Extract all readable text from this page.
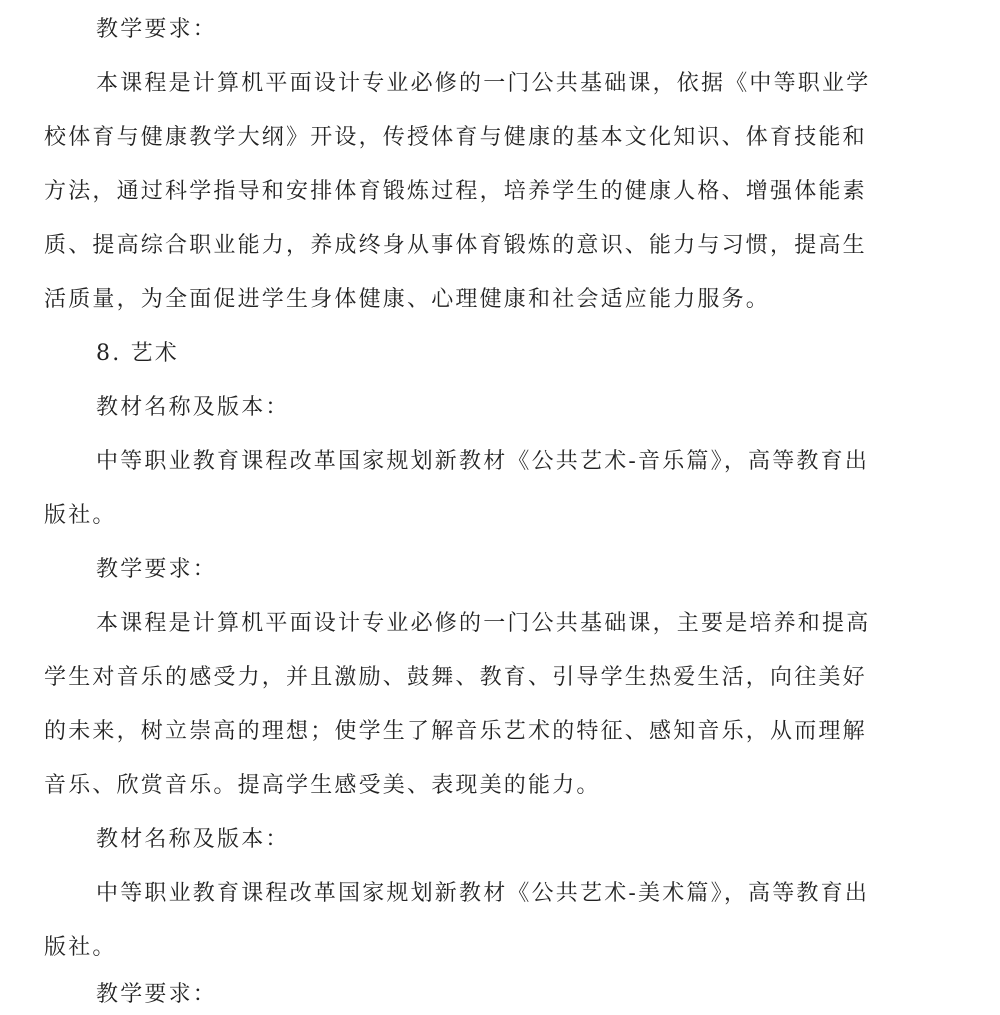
教学要求：
本课程是计算机平面设计专业必修的一门公共基础课，依据《中等职业学
校体育与健康教学大纲》开设，传授体育与健康的基本文化知识、体育技能和
方法，通过科学指导和安排体育锻炼过程，培养学生的健康人格、增强体能素
质、提高综合职业能力，养成终身从事体育锻炼的意识、能力与习惯，提高生
活质量，为全面促进学生身体健康、心理健康和社会适应能力服务。
8. 艺术
教材名称及版本：
中等职业教育课程改革国家规划新教材《公共艺术-音乐篇》，高等教育出
版社。
教学要求：
本课程是计算机平面设计专业必修的一门公共基础课，主要是培养和提高
学生对音乐的感受力，并且激励、鼓舞、教育、引导学生热爱生活，向往美好
的未来，树立崇高的理想；使学生了解音乐艺术的特征、感知音乐，从而理解
音乐、欣赏音乐。提高学生感受美、表现美的能力。
教材名称及版本：
中等职业教育课程改革国家规划新教材《公共艺术-美术篇》，高等教育出
版社。
教学要求：
